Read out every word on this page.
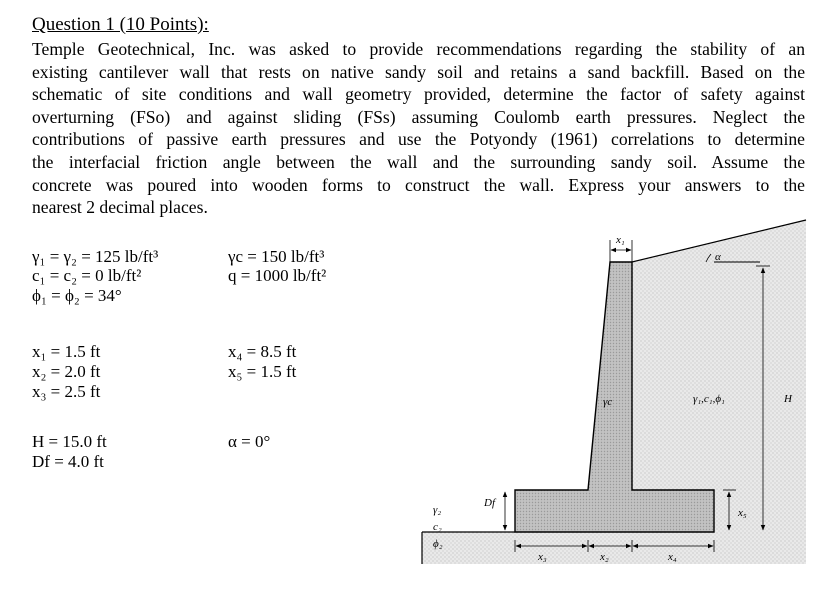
Question 1 (10 Points):
Temple Geotechnical, Inc. was asked to provide recommendations regarding the stability of an
existing cantilever wall that rests on native sandy soil and retains a sand backfill. Based on the
schematic of site conditions and wall geometry provided, determine the factor of safety against
overturning (FSo) and against sliding (FSs) assuming Coulomb earth pressures. Neglect the
contributions of passive earth pressures and use the Potyondy (1961) correlations to determine
the interfacial friction angle between the wall and the surrounding sandy soil. Assume the
concrete was poured into wooden forms to construct the wall. Express your answers to the
nearest 2 decimal places.
γ₁ = γ₂ = 125 lb/ft³
c₁ = c₂ = 0 lb/ft²
ϕ₁ = ϕ₂ = 34°
x₁ = 1.5 ft
x₂ = 2.0 ft
x₃ = 2.5 ft
H = 15.0 ft
Df = 4.0 ft
γc = 150 lb/ft³
q = 1000 lb/ft²
x₄ = 8.5 ft
x₅ = 1.5 ft
α = 0°
x₁
α
H
x₅
Df
x₃	x₂	x₄
γc	γ₁,c₁,ϕ₁
γ₂
c₂
ϕ₂
